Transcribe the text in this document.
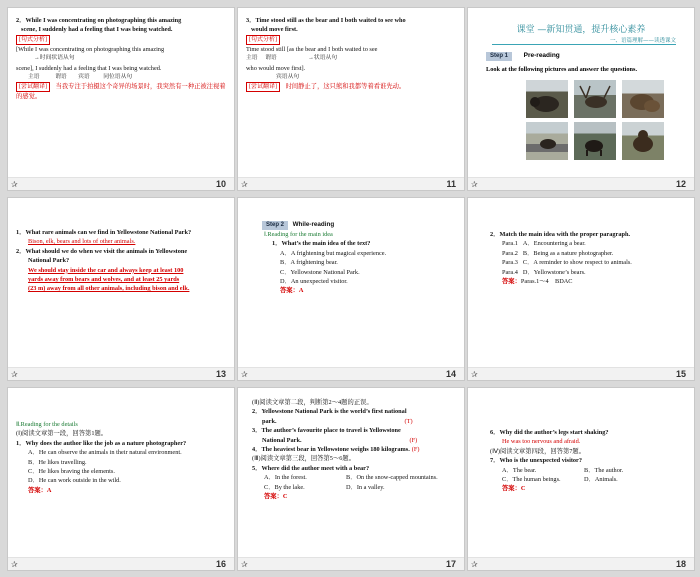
2．While I was concentrating on photographing this amazing

scene, I suddenly had a feeling that I was being watched.

[句式分析]

[While I was concentrating on photographing this amazing

→时间状语从句

scene], I suddenly had a feeling that I was being watched.

主语	谓语 宾语 同位语从句

[尝试翻译] 当我专注于拍摄这个奇异的场景时，我突然有一种正被注视着的感觉。

✰	10

3．Time stood still as the bear and I both waited to see who

would move first.

[句式分析]

Time stood still [as the bear and I both waited to see

主语 谓语	→状语从句

who would move first].

宾语从句

[尝试翻译] 时间静止了，这只熊和我都等着看谁先动。

✰	11
课堂 —新知贯通，提升核心素养
一、语篇理解——读透课文
Step 1 Pre-reading
Look at the following pictures and answer the questions.
✰	12

1．What rare animals can we find in Yellowstone National Park?

Bison, elk, bears and lots of other animals.

2．What should we do when we visit the animals in Yellowstone

National Park?

We should stay inside the car and always keep at least 100

yards away from bears and wolves, and at least 25 yards

(23 m) away from all other animals, including bison and elk.

✰	13

Step 2 While-reading

Ⅰ.Reading for the main idea

1．What’s the main idea of the text?

A．A frightening but magical experience.

B．A frightening bear.

C．Yellowstone National Park.

D．An unexpected visitor.

答案：A

✰	14

2．Match the main idea with the proper paragraph.

Para.1 A．Encountering a bear.

Para.2 B．Being as a nature photographer.

Para.3 C．A reminder to show respect to animals.

Para.4 D．Yellowstone’s bears.

答案：Paras.1～4　BDAC

✰	15

Ⅱ.Reading for the details

(Ⅰ)阅读文章第一段，回答第1题。

1．Why does the author like the job as a nature photographer?

A．He can observe the animals in their natural environment.

B．He likes travelling.

C．He likes braving the elements.

D．He can work outside in the wild.

答案：A

✰	16

(Ⅱ)阅读文章第二段，判断第2～4题的正误。

2．Yellowstone National Park is the world’s first national

park.	(T)

3．The author’s favourite place to travel is Yellowstone

National Park.	(F)

4．The heaviest bear in Yellowstone weighs 180 kilograms. (F)

(Ⅲ)阅读文章第三段，回答第5～6题。

5．Where did the author meet with a bear?

A．In the forest.	B．On the snow-capped mountains.

C．By the lake.	D．In a valley.

答案：C

✰	17

6．Why did the author’s legs start shaking?

He was too nervous and afraid.

(Ⅳ)阅读文章第四段，回答第7题。

7．Who is the unexpected visitor?

A．The bear.	B．The author.

C．The human beings.	D．Animals.

答案：C

✰	18
